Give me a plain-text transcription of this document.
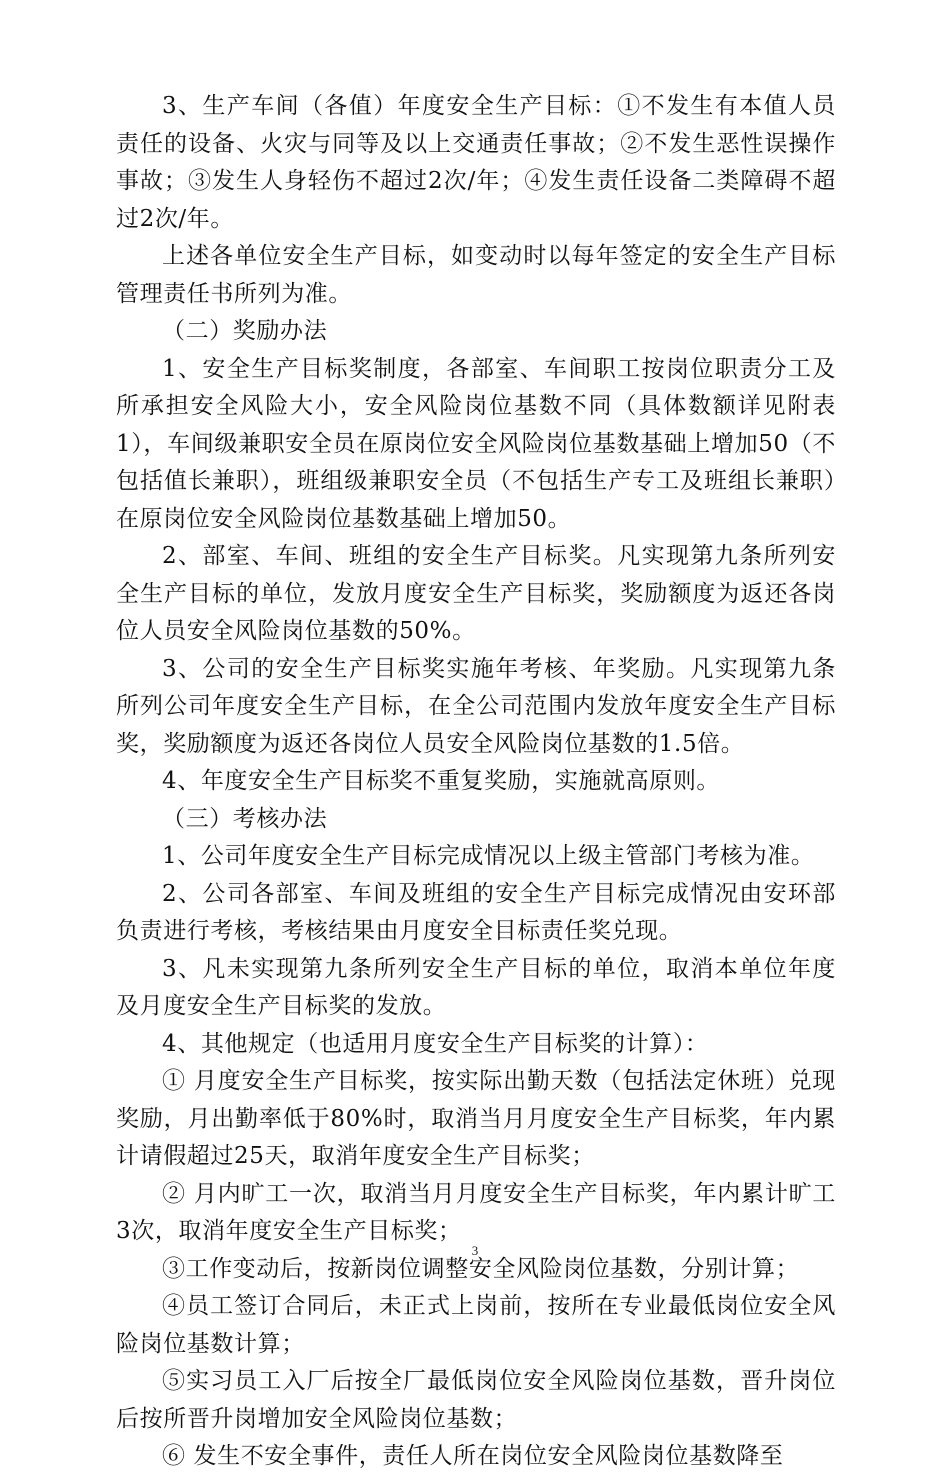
3、生产车间（各值）年度安全生产目标：①不发生有本值人员责任的设备、火灾与同等及以上交通责任事故；②不发生恶性误操作事故；③发生人身轻伤不超过2次/年；④发生责任设备二类障碍不超过2次/年。

上述各单位安全生产目标，如变动时以每年签定的安全生产目标管理责任书所列为准。

（二）奖励办法

1、安全生产目标奖制度，各部室、车间职工按岗位职责分工及所承担安全风险大小，安全风险岗位基数不同（具体数额详见附表1），车间级兼职安全员在原岗位安全风险岗位基数基础上增加50（不包括值长兼职），班组级兼职安全员（不包括生产专工及班组长兼职）在原岗位安全风险岗位基数基础上增加50。

2、部室、车间、班组的安全生产目标奖。凡实现第九条所列安全生产目标的单位，发放月度安全生产目标奖，奖励额度为返还各岗位人员安全风险岗位基数的50%。

3、公司的安全生产目标奖实施年考核、年奖励。凡实现第九条所列公司年度安全生产目标，在全公司范围内发放年度安全生产目标奖，奖励额度为返还各岗位人员安全风险岗位基数的1.5倍。

4、年度安全生产目标奖不重复奖励，实施就高原则。

（三）考核办法

1、公司年度安全生产目标完成情况以上级主管部门考核为准。

2、公司各部室、车间及班组的安全生产目标完成情况由安环部负责进行考核，考核结果由月度安全目标责任奖兑现。

3、凡未实现第九条所列安全生产目标的单位，取消本单位年度及月度安全生产目标奖的发放。

4、其他规定（也适用月度安全生产目标奖的计算）：

① 月度安全生产目标奖，按实际出勤天数（包括法定休班）兑现奖励，月出勤率低于80%时，取消当月月度安全生产目标奖，年内累计请假超过25天，取消年度安全生产目标奖；

② 月内旷工一次，取消当月月度安全生产目标奖，年内累计旷工3次，取消年度安全生产目标奖；

③工作变动后，按新岗位调整安全风险岗位基数，分别计算；

④员工签订合同后，未正式上岗前，按所在专业最低岗位安全风险岗位基数计算；

⑤实习员工入厂后按全厂最低岗位安全风险岗位基数，晋升岗位后按所晋升岗增加安全风险岗位基数；

⑥ 发生不安全事件，责任人所在岗位安全风险岗位基数降至

3
